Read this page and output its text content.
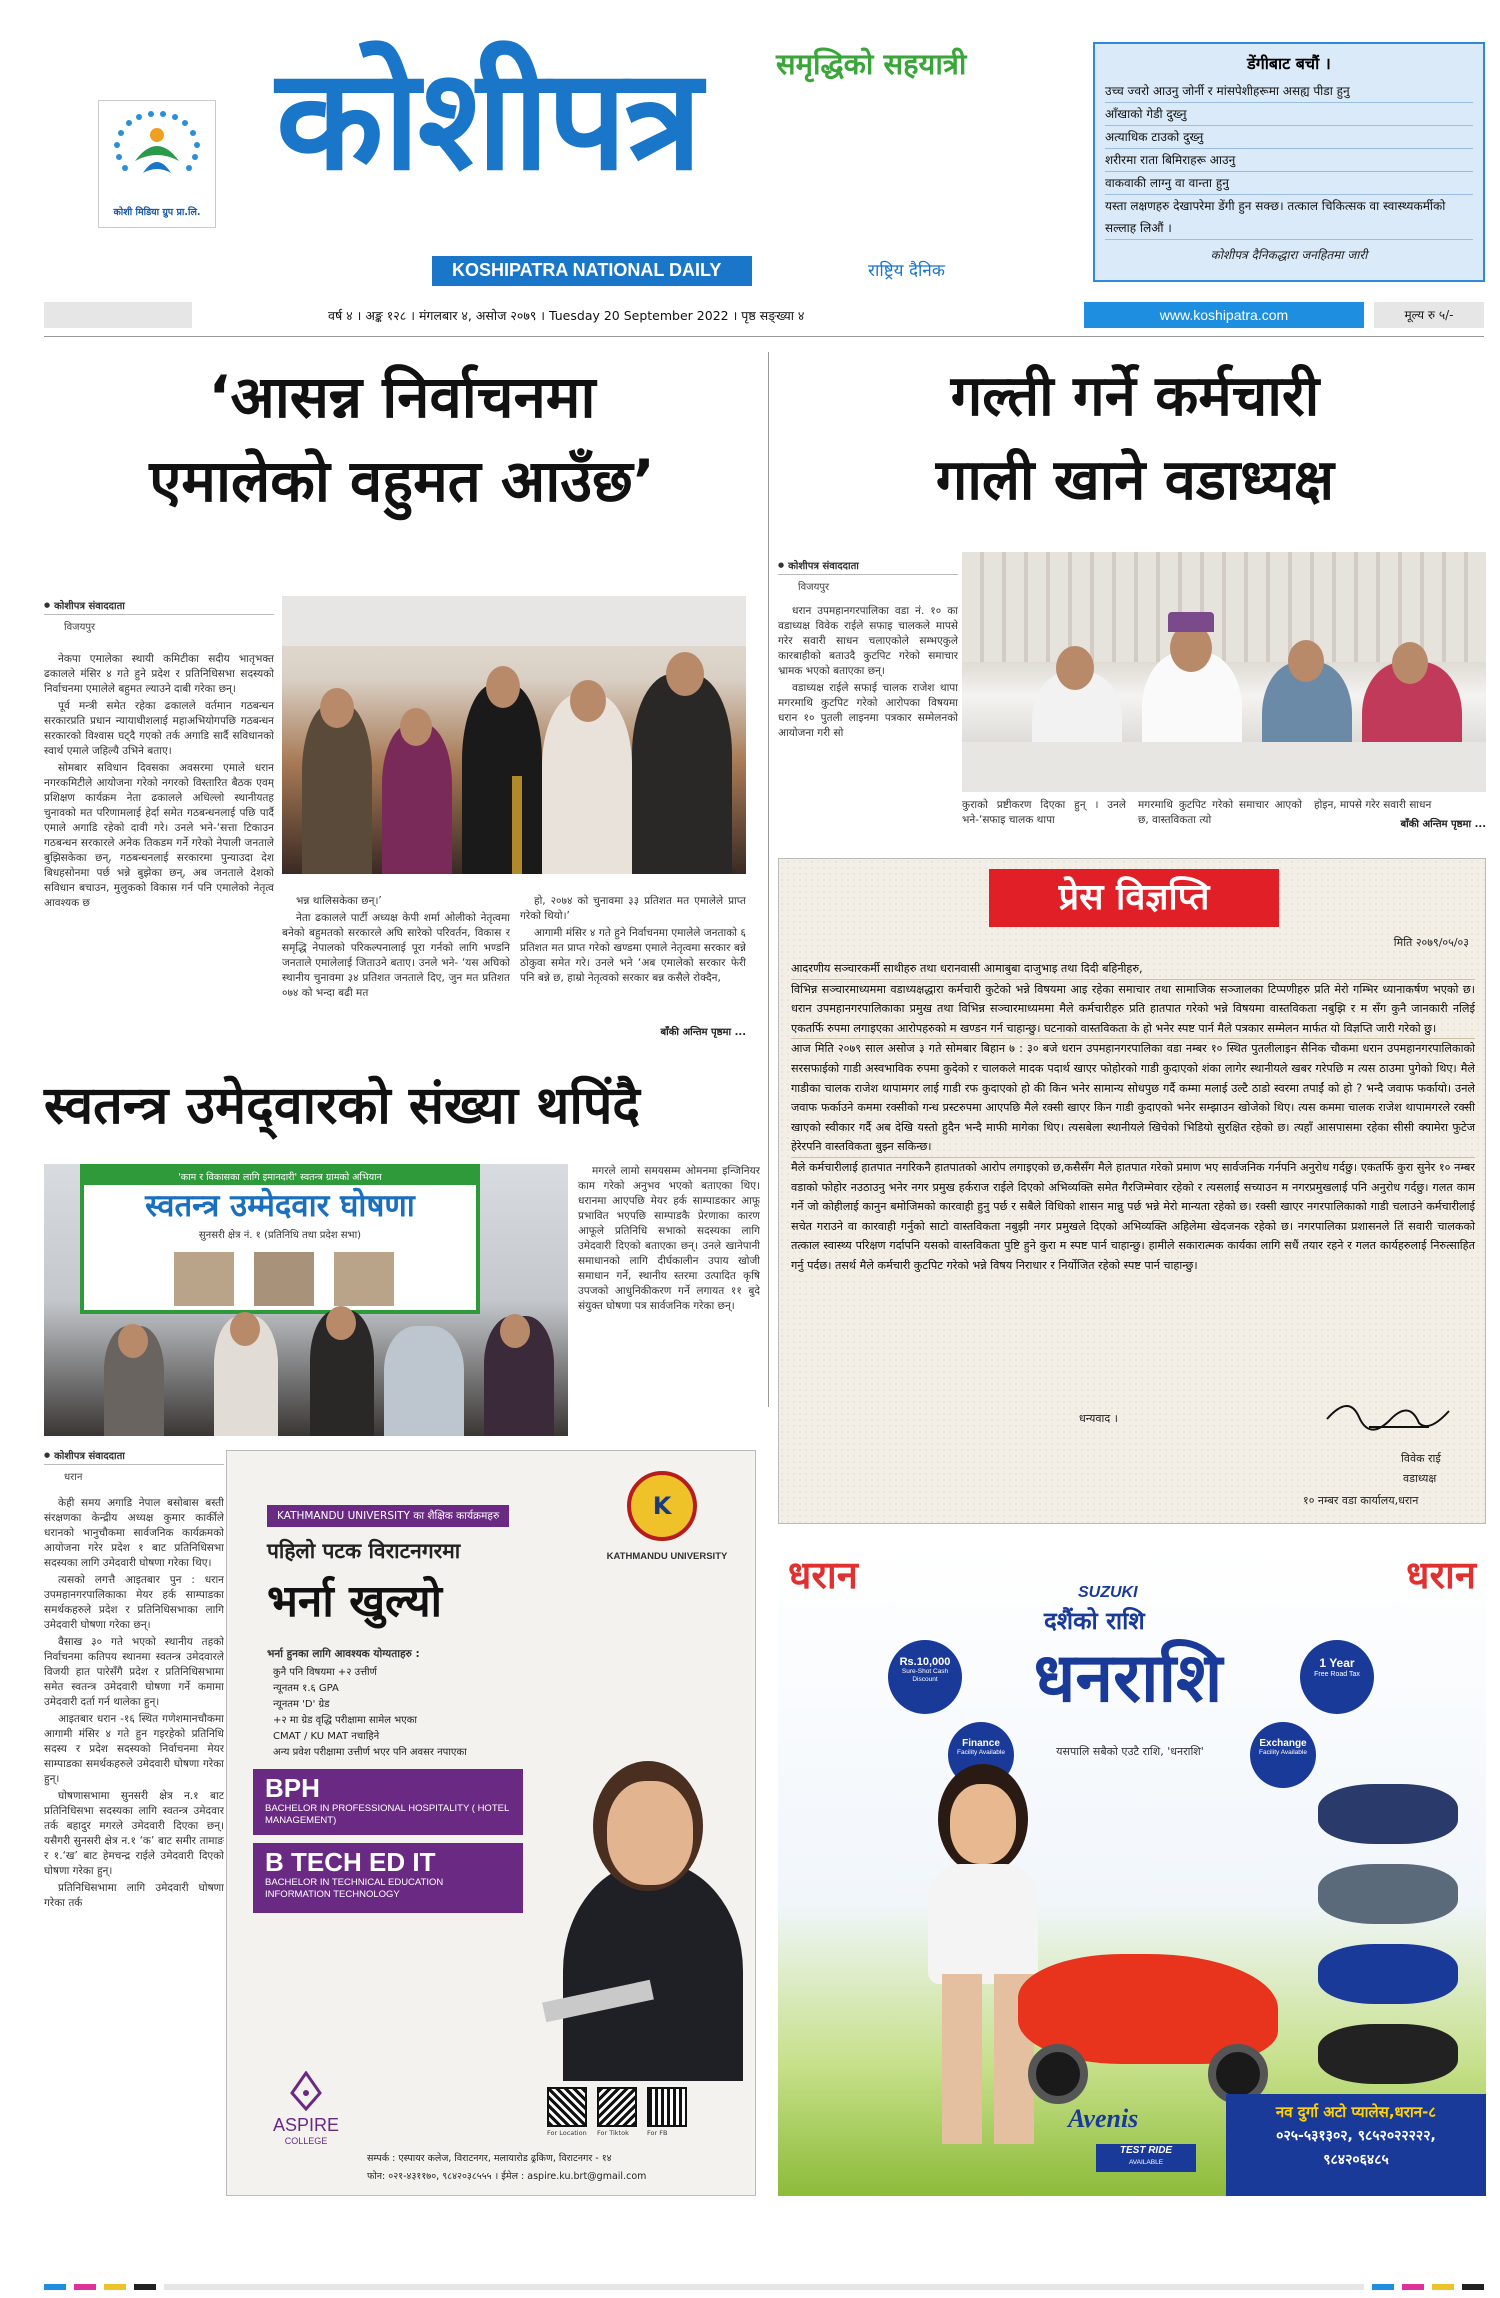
कोशी मिडिया ग्रुप प्रा.लि.
समृद्धिको सहयात्री
कोशीपत्र
KOSHIPATRA NATIONAL DAILY	राष्ट्रिय दैनिक
डेंगीबाट बचौं ।
उच्च ज्वरो आउनु जोर्नी र मांसपेशीहरूमा असह्य पीडा हुनु
आँखाको गेडी दुख्नु
अत्याधिक टाउको दुख्नु
शरीरमा राता बिमिराहरू आउनु
वाकवाकी लाग्नु वा वान्ता हुनु
यस्ता लक्षणहरु देखापरेमा डेंगी हुन सक्छ। तत्काल चिकित्सक वा स्वास्थ्यकर्मीको सल्लाह लिऔं ।
कोशीपत्र दैनिकद्धारा जनहितमा जारी
वर्ष ४ । अङ्क १२८ । मंगलबार ४, असोज २०७९ । Tuesday 20 September 2022 । पृष्ठ सङ्ख्या ४	www.koshipatra.com	मूल्य रु ५/-
‘आसन्न निर्वाचनमा
एमालेको वहुमत आउँछ’
● कोशीपत्र संवाददाता
विजयपुर

नेकपा एमालेका स्थायी कमिटीका सदीय भातृभक्त ढकालले मंसिर ४ गते हुने प्रदेश र प्रतिनिधिसभा सदस्यको निर्वाचनमा एमालेले बहुमत ल्याउने दाबी गरेका छन्।

पूर्व मन्त्री समेत रहेका ढकालले वर्तमान गठबन्धन सरकारप्रति प्रधान न्यायाधीशलाई महाअभियोगपछि गठबन्धन सरकारको विश्वास घट्दै गएको तर्क अगाडि सार्दै सविधानको स्वार्थ एमाले जहिल्यै उभिने बताए।

सोमबार सविधान दिवसका अवसरमा एमाले धरान नगरकमिटीले आयोजना गरेको नगरको विस्तारित बैठक एवम् प्रशिक्षण कार्यक्रम नेता ढकालले अधिल्लो स्थानीयतह चुनावको मत परिणामलाई हेर्दा समेत गठबन्धनलाई पछि पार्दै एमाले अगाडि रहेको दावी गरे। उनले भने-‘सत्ता टिकाउन गठबन्धन सरकारले अनेक तिकडम गर्ने गरेको नेपाली जनताले बुझिसकेका छन्, गठबन्धनलाई सरकारमा पुन्याउदा देश बिधहसोनमा पर्छ भन्ने बुझेका छन्, अब जनताले देशको सविधान बचाउन, मुलुकको विकास गर्न पनि एमालेको नेतृत्व आवश्यक छ	भन्न थालिसकेका छन्।’

नेता ढकालले पार्टी अध्यक्ष केपी शर्मा ओलीको नेतृत्वमा बनेको बहुमतको सरकारले अघि सारेको परिवर्तन, विकास र समृद्धि नेपालको परिकल्पनालाई पूरा गर्नको लागि भण्डनि जनताले एमालेलाई जिताउने बताए। उनले भने- ‘यस अघिको स्थानीय चुनावमा ३४ प्रतिशत जनताले दिए, जुन मत प्रतिशत ०७४ को भन्दा बढी मत

हो, २०७४ को चुनावमा ३३ प्रतिशत मत एमालेले प्राप्त गरेको थियो।’

आगामी मंसिर ४ गते हुने निर्वाचनमा एमालेले जनताको ६ प्रतिशत मत प्राप्त गरेको खण्डमा एमाले नेतृत्वमा सरकार बन्ने ठोकुवा समेत गरे। उनले भने ‘अब एमालेको सरकार फेरी पनि बन्ने छ, हाम्रो नेतृत्वको सरकार बन्न कसैले रोक्दैन,

बाँकी अन्तिम पृष्ठमा ...
गल्ती गर्ने कर्मचारी
गाली खाने वडाध्यक्ष
● कोशीपत्र संवाददाता
विजयपुर

धरान उपमहानगरपालिका वडा नं. १० का वडाध्यक्ष विवेक राईले सफाइ चालकले मापसे गरेर सवारी साधन चलाएकोले सम्भएकुले कारबाहीको बताउदै कुटपिट गरेको समाचार भ्रामक भएको बताएका छन्।

वडाध्यक्ष राईले सफाई चालक राजेश थापा मगरमाथि कुटपिट गरेको आरोपका विषयमा धरान १० पुतली लाइनमा पत्रकार सम्मेलनको आयोजना गरी सो

कुराको प्रष्टीकरण दिएका हुन् । उनले भने-‘सफाइ चालक थापा
मगरमाथि कुटपिट गरेको समाचार आएको छ, वास्तविकता त्यो
होइन, मापसे गरेर सवारी साधन
बाँकी अन्तिम पृष्ठमा ...
प्रेस विज्ञप्ति
मिति २०७९/०५/०३
आदरणीय सञ्चारकर्मी साथीहरु तथा धरानवासी आमाबुबा दाजुभाइ तथा दिदी बहिनीहरु,
विभिन्न सञ्चारमाध्यममा वडाध्यक्षद्धारा कर्मचारी कुटेको भन्ने विषयमा आइ रहेका समाचार तथा सामाजिक सञ्जालका टिप्पणीहरु प्रति मेरो गम्भिर ध्यानाकर्षण भएको छ। धरान उपमहानगरपालिकाका प्रमुख तथा विभिन्न सञ्चारमाध्यममा मैले कर्मचारीहरु प्रति हातपात गरेको भन्ने विषयमा वास्तविकता नबुझि र म सँग कुनै जानकारी नलिई एकतर्फि रुपमा लगाइएका आरोपहरुको म खण्डन गर्न चाहान्छु। घटनाको वास्तविकता के हो भनेर स्पष्ट पार्न मैले पत्रकार सम्मेलन मार्फत यो विज्ञप्ति जारी गरेको छु।
आज मिति २०७९ साल असोज ३ गते सोमबार बिहान ७ : ३० बजे धरान उपमहानगरपालिका वडा नम्बर १० स्थित पुतलीलाइन सैनिक चौकमा धरान उपमहानगरपालिकाको सरसफाईको गाडी अस्वभाविक रुपमा कुदेको र चालकले मादक पदार्थ खाएर फोहोरको गाडी कुदाएको शंका लागेर स्थानीयले खबर गरेपछि म त्यस ठाउमा पुगेको थिए। मैले गाडीका चालक राजेश थापामगर लाई गाडी रफ कुदाएको हो की किन भनेर सामान्य सोधपुछ गर्दै कम्मा मलाई उल्टै ठाडो स्वरमा तपाईं को हो ? भन्दै जवाफ फर्कायो। उनले जवाफ फर्काउने कममा रक्सीको गन्ध प्रस्टरुपमा आएपछि मैले रक्सी खाएर किन गाडी कुदाएको भनेर सम्झाउन खोजेको थिए। त्यस कममा चालक राजेश थापामगरले रक्सी खाएको स्वीकार गर्दै अब देखि यस्तो हुदैन भन्दै माफी मागेका थिए। त्यसबेला स्थानीयले खिचेको भिडियो सुरक्षित रहेको छ। त्यहाँ आसपासमा रहेका सीसी क्यामेरा फुटेज हेरेरपनि वास्तविकता बुझ्न सकिन्छ।
मैले कर्मचारीलाई हातपात नगरिकनै हातपातको आरोप लगाइएको छ,कसैसँग मैले हातपात गरेको प्रमाण भए सार्वजनिक गर्नपनि अनुरोध गर्दछु। एकतर्फि कुरा सुनेर १० नम्बर वडाको फोहोर नउठाउनु भनेर नगर प्रमुख हर्कराज राईले दिएको अभिव्यक्ति समेत गैरजिम्मेवार रहेको र त्यसलाई सच्याउन म नगरप्रमुखलाई पनि अनुरोध गर्दछु। गलत काम गर्ने जो कोहीलाई कानुन बमोजिमको कारवाही हुनु पर्छ र सबैले विधिको शासन मान्नु पर्छ भन्ने मेरो मान्यता रहेको छ। रक्सी खाएर नगरपालिकाको गाडी चलाउने कर्मचारीलाई सचेत गराउने वा कारवाही गर्नुको साटो वास्तविकता नबुझी नगर प्रमुखले दिएको अभिव्यक्ति अहिलेमा खेदजनक रहेको छ। नगरपालिका प्रशासनले तिं सवारी चालकको तत्काल स्वास्थ्य परिक्षण गर्दापनि यसको वास्तविकता पुष्टि हुने कुरा म स्पष्ट पार्न चाहान्छु। हामीले सकारात्मक कार्यका लागि सधैं तयार रहने र गलत कार्यहरुलाई निरुत्साहित गर्नु पर्दछ। तसर्थ मैले कर्मचारी कुटपिट गरेको भन्ने विषय निराधार र निर्योजित रहेको स्पष्ट पार्न चाहान्छु।
धन्यवाद ।
विवेक राई
वडाध्यक्ष
१० नम्बर वडा कार्यालय,धरान
स्वतन्त्र उमेद्‌वारको संख्या थपिंदै
'काम र विकासका लागि इमानदारी' स्वतन्त्र ग्रामको अभियान
स्वतन्त्र उम्मेदवार घोषणा
सुनसरी क्षेत्र नं. १ (प्रतिनिधि तथा प्रदेश सभा)

मगरले लामो समयसम्म ओमनमा इन्जिनियर काम गरेको अनुभव भएको बताएका थिए। धरानमा आएपछि मेयर हर्क साम्पाडकार आफू प्रभावित भएपछि साम्पाडकै प्रेरणाका कारण आफूले प्रतिनिधि सभाको सदस्यका लागि उमेदवारी दिएको बताएका छन्। उनले खानेपानी समाधानको लागि दीर्घकालीन उपाय खोजी समाधान गर्ने, स्थानीय स्तरमा उत्पादित कृषि उपजको आधुनिकीकरण गर्ने लगायत ११ बुदे संयुक्त घोषणा पत्र सार्वजनिक गरेका छन्।

● कोशीपत्र संवाददाता
धरान

केही समय अगाडि नेपाल बसोबास बस्ती संरक्षणका केन्द्रीय अध्यक्ष कुमार कार्कीले धरानको भानुचौकमा सार्वजनिक कार्यक्रमको आयोजना गरेर प्रदेश १ बाट प्रतिनिधिसभा सदस्यका लागि उमेदवारी घोषणा गरेका थिए।

त्यसको लगत्तै आइतबार पुन : धरान उपमहानगरपालिकाका मेयर हर्क साम्पाडका समर्थकहरुले प्रदेश र प्रतिनिधिसभाका लागि उमेदवारी घोषणा गरेका छन्।

वैसाख ३० गते भएको स्थानीय तहको निर्वाचनमा कतिपय स्थानमा स्वतन्त्र उमेदवारले विजयी हात पारेसँगै प्रदेश र प्रतिनिधिसभामा समेत स्वतन्त्र उमेदवारी घोषणा गर्ने कमामा उमेदवारी दर्ता गर्न थालेका हुन्।

आइतबार धरान -१६ स्थित गणेशमानचौकमा आगामी मंसिर ४ गते हुन गइरहेको प्रतिनिधि सदस्य र प्रदेश सदस्यको निर्वाचनमा मेयर साम्पाडका समर्थकहरुले उमेदवारी घोषणा गरेका हुन्।

घोषणासभामा सुनसरी क्षेत्र न.१ बाट प्रतिनिधिसभा सदस्यका लागि स्वतन्त्र उमेदवार तर्क बहादुर मगरले उमेदवारी दिएका छन्। यसैगरी सुनसरी क्षेत्र न.१ ‘क’ बाट समीर तामाङ र १.‘ख’ बाट हेमचन्द्र राईले उमेदवारी दिएको घोषणा गरेका हुन्।

प्रतिनिधिसभामा लागि उमेदवारी घोषणा गरेका तर्क

KATHMANDU UNIVERSITY का शैक्षिक कार्यक्रमहरु	K
KATHMANDU UNIVERSITY
पहिलो पटक विराटनगरमा
भर्ना खुल्यो
भर्ना हुनका लागि आवश्यक योग्यताहरु :
कुनै पनि विषयमा +२ उत्तीर्ण
न्यूनतम १.६ GPA
न्यूनतम 'D' ग्रेड
+२ मा ग्रेड वृद्धि परीक्षामा सामेल भएका
CMAT / KU MAT नचाहिने
अन्य प्रवेश परीक्षामा उत्तीर्ण भएर पनि अवसर नपाएका
BPH
BACHELOR IN PROFESSIONAL HOSPITALITY ( HOTEL MANAGEMENT)
B TECH ED IT
BACHELOR IN TECHNICAL EDUCATION INFORMATION TECHNOLOGY
ASPIRE
COLLEGE
For Location For Tiktok	For FB
सम्पर्क : एस्पायर कलेज, विराटनगर, मलायारोड ढ्रकिण, विराटनगर - १४
फोन: ०२१-४३११७०, ९८४२०३८५५५ । ईमेल : aspire.ku.brt@gmail.com
धरान	धरान
SUZUKI
दशैंको राशि
धनराशि
यसपालि सबैको एउटै राशि, 'धनराशि'
Rs.10,000
Sure-Shot Cash Discount
1 Year
Free Road Tax
Finance
Facility Available
Exchange
Facility Available
Avenis
TEST RIDE
AVAILABLE
नव दुर्गा अटो प्यालेस,धरान-८
०२५-५३१३०२, ९८५२०२२२२२,
९८४२०६४८५
